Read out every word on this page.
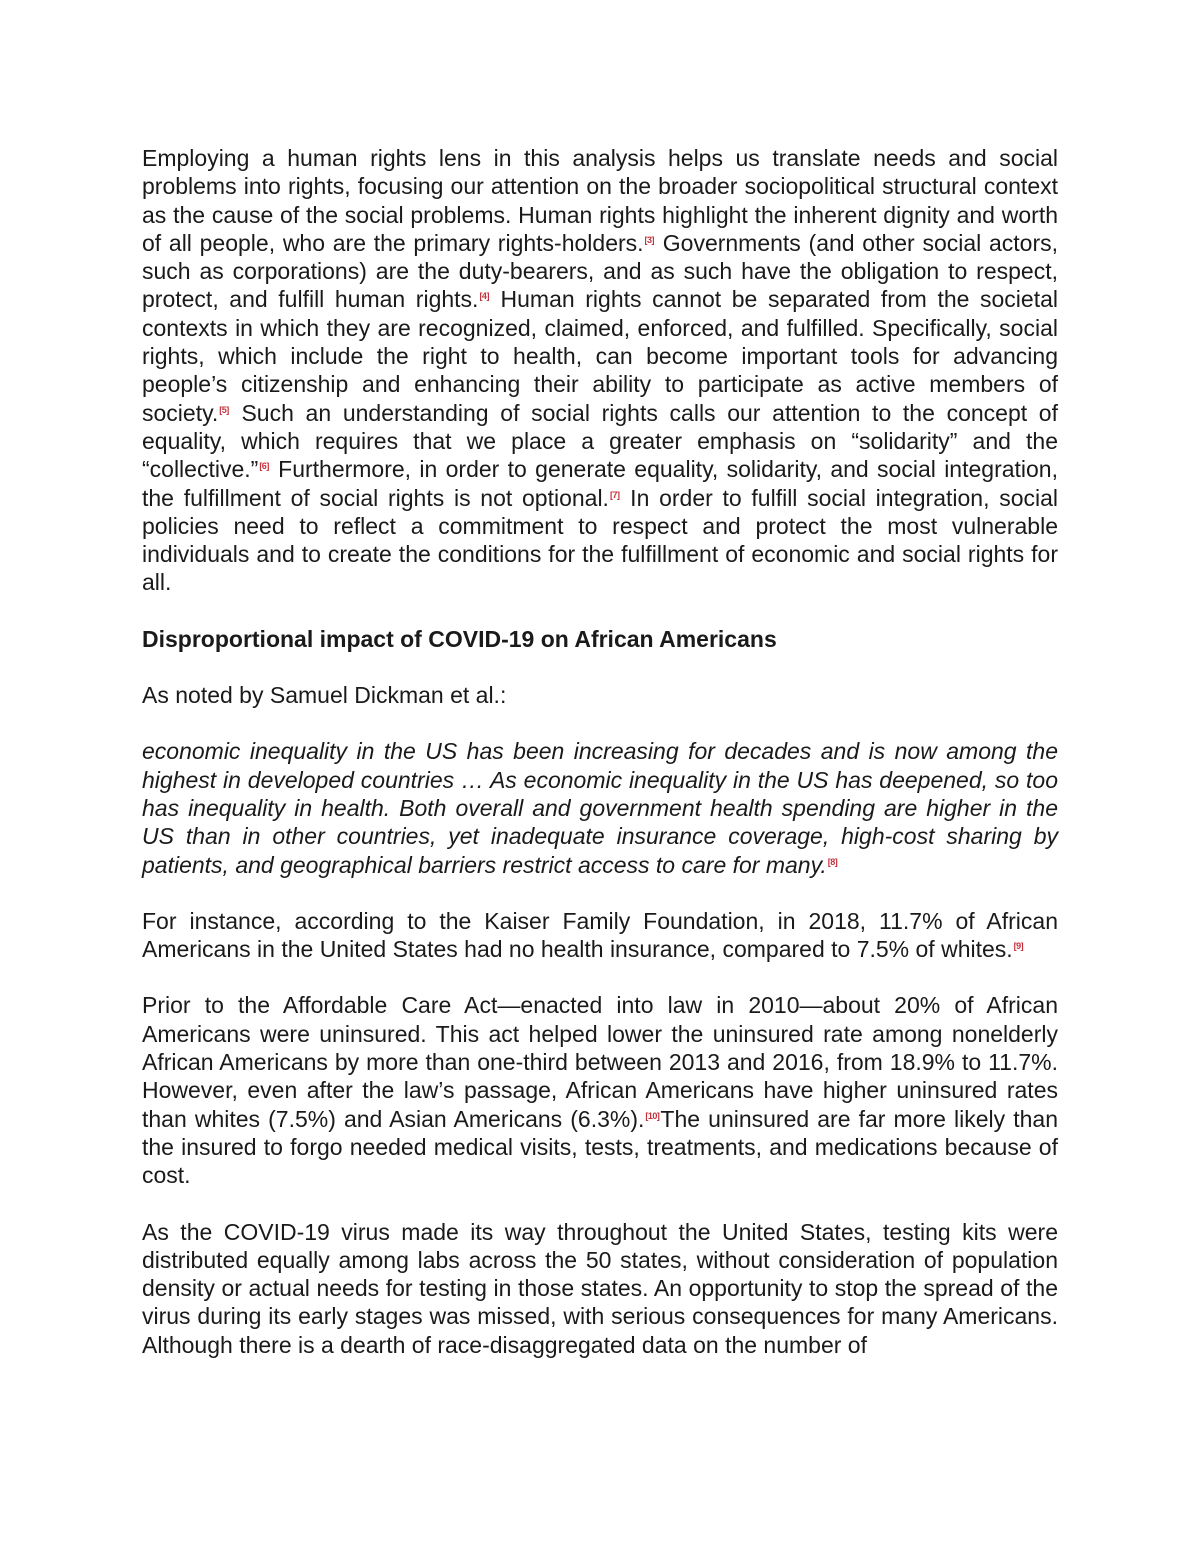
Employing a human rights lens in this analysis helps us translate needs and social problems into rights, focusing our attention on the broader sociopolitical structural context as the cause of the social problems. Human rights highlight the inherent dignity and worth of all people, who are the primary rights-holders.[3] Governments (and other social actors, such as corporations) are the duty-bearers, and as such have the obligation to respect, protect, and fulfill human rights.[4] Human rights cannot be separated from the societal contexts in which they are recognized, claimed, enforced, and fulfilled. Specifically, social rights, which include the right to health, can become important tools for advancing people’s citizenship and enhancing their ability to participate as active members of society.[5] Such an understanding of social rights calls our attention to the concept of equality, which requires that we place a greater emphasis on “solidarity” and the “collective.”[6] Furthermore, in order to generate equality, solidarity, and social integration, the fulfillment of social rights is not optional.[7] In order to fulfill social integration, social policies need to reflect a commitment to respect and protect the most vulnerable individuals and to create the conditions for the fulfillment of economic and social rights for all.

Disproportional impact of COVID-19 on African Americans

As noted by Samuel Dickman et al.:

economic inequality in the US has been increasing for decades and is now among the highest in developed countries … As economic inequality in the US has deepened, so too has inequality in health. Both overall and government health spending are higher in the US than in other countries, yet inadequate insurance coverage, high-cost sharing by patients, and geographical barriers restrict access to care for many.[8]

For instance, according to the Kaiser Family Foundation, in 2018, 11.7% of African Americans in the United States had no health insurance, compared to 7.5% of whites.[9]

Prior to the Affordable Care Act—enacted into law in 2010—about 20% of African Americans were uninsured. This act helped lower the uninsured rate among nonelderly African Americans by more than one-third between 2013 and 2016, from 18.9% to 11.7%. However, even after the law’s passage, African Americans have higher uninsured rates than whites (7.5%) and Asian Americans (6.3%).[10]The uninsured are far more likely than the insured to forgo needed medical visits, tests, treatments, and medications because of cost.

As the COVID-19 virus made its way throughout the United States, testing kits were distributed equally among labs across the 50 states, without consideration of population density or actual needs for testing in those states. An opportunity to stop the spread of the virus during its early stages was missed, with serious consequences for many Americans. Although there is a dearth of race-disaggregated data on the number of
